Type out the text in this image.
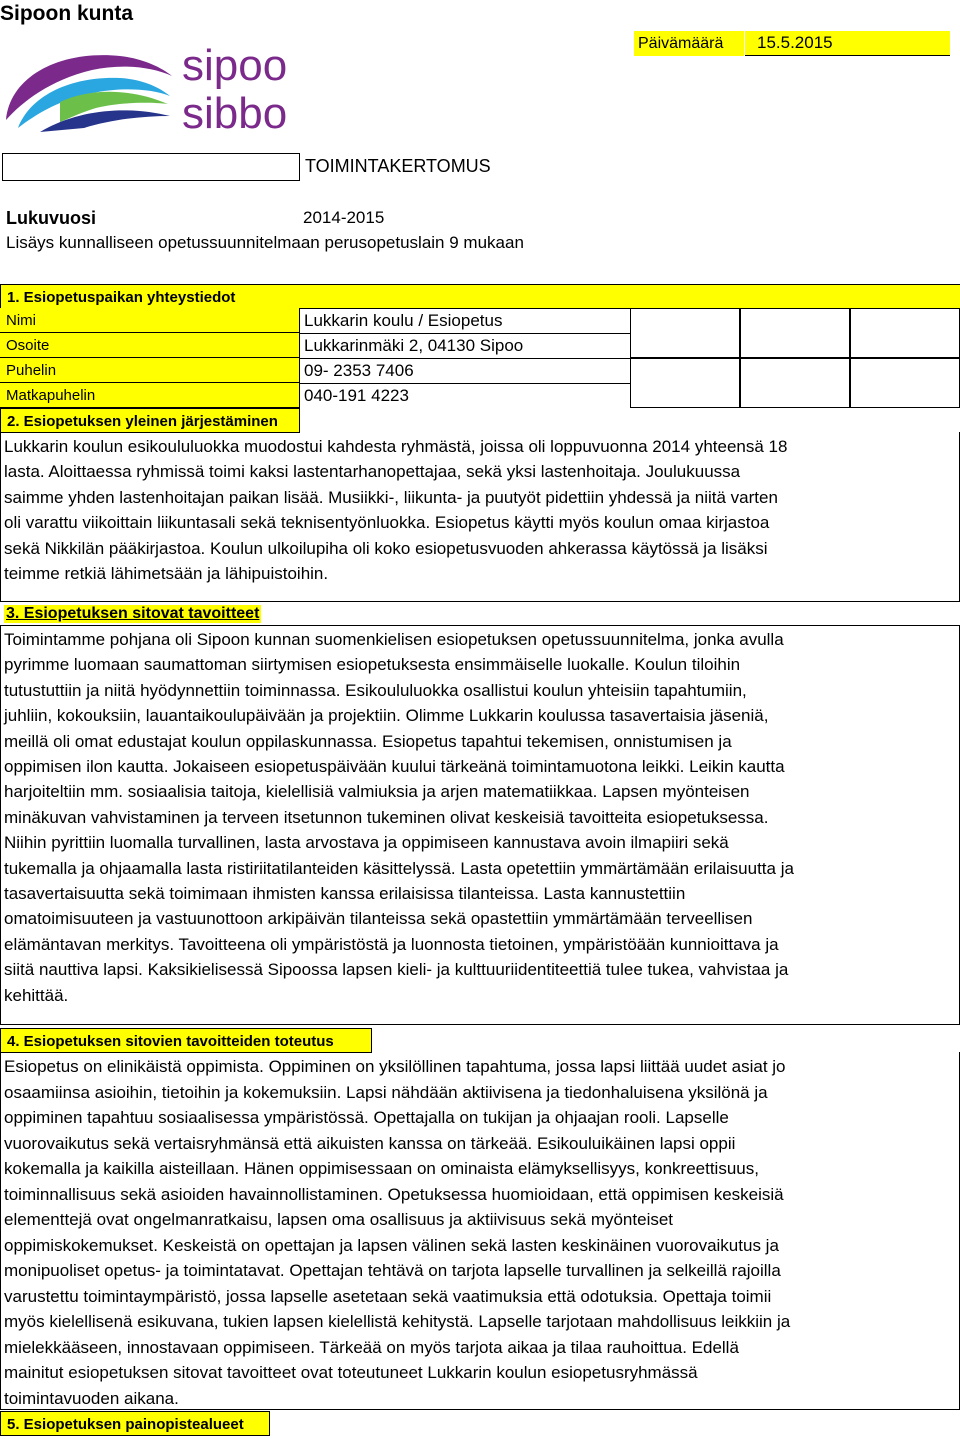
Sipoon kunta
Päivämäärä	15.5.2015
sipoo
sibbo
TOIMINTAKERTOMUS
Lukuvuosi	2014-2015
Lisäys kunnalliseen opetussuunnitelmaan perusopetuslain 9 mukaan
1. Esiopetuspaikan yhteystiedot
Nimi	Lukkarin koulu / Esiopetus
Osoite	Lukkarinmäki 2, 04130 Sipoo
Puhelin	09- 2353 7406
Matkapuhelin	040-191 4223
2. Esiopetuksen yleinen järjestäminen
Lukkarin koulun esikoululuokka muodostui kahdesta ryhmästä, joissa oli loppuvuonna 2014 yhteensä 18
lasta. Aloittaessa ryhmissä toimi kaksi lastentarhanopettajaa, sekä yksi lastenhoitaja. Joulukuussa
saimme yhden lastenhoitajan paikan lisää. Musiikki-, liikunta- ja puutyöt pidettiin yhdessä ja niitä varten
oli varattu viikoittain liikuntasali sekä teknisentyönluokka. Esiopetus käytti myös koulun omaa kirjastoa
sekä Nikkilän pääkirjastoa. Koulun ulkoilupiha oli koko esiopetusvuoden ahkerassa käytössä ja lisäksi
teimme retkiä lähimetsään ja lähipuistoihin.
3. Esiopetuksen sitovat tavoitteet
Toimintamme pohjana oli Sipoon kunnan suomenkielisen esiopetuksen opetussuunnitelma, jonka avulla
pyrimme luomaan saumattoman siirtymisen esiopetuksesta ensimmäiselle luokalle. Koulun tiloihin
tutustuttiin ja niitä hyödynnettiin toiminnassa. Esikoululuokka osallistui koulun yhteisiin tapahtumiin,
juhliin, kokouksiin, lauantaikoulupäivään ja projektiin. Olimme Lukkarin koulussa tasavertaisia jäseniä,
meillä oli omat edustajat koulun oppilaskunnassa. Esiopetus tapahtui tekemisen, onnistumisen ja
oppimisen ilon kautta. Jokaiseen esiopetuspäivään kuului tärkeänä toimintamuotona leikki. Leikin kautta
harjoiteltiin mm. sosiaalisia taitoja, kielellisiä valmiuksia ja arjen matematiikkaa. Lapsen myönteisen
minäkuvan vahvistaminen ja terveen itsetunnon tukeminen olivat keskeisiä tavoitteita esiopetuksessa.
Niihin pyrittiin luomalla turvallinen, lasta arvostava ja oppimiseen kannustava avoin ilmapiiri sekä
tukemalla ja ohjaamalla lasta ristiriitatilanteiden käsittelyssä. Lasta opetettiin ymmärtämään erilaisuutta ja
tasavertaisuutta sekä toimimaan ihmisten kanssa erilaisissa tilanteissa. Lasta kannustettiin
omatoimisuuteen ja vastuunottoon arkipäivän tilanteissa sekä opastettiin ymmärtämään terveellisen
elämäntavan merkitys. Tavoitteena oli ympäristöstä ja luonnosta tietoinen, ympäristöään kunnioittava ja
siitä nauttiva lapsi. Kaksikielisessä Sipoossa lapsen kieli- ja kulttuuriidentiteettiä tulee tukea, vahvistaa ja
kehittää.
4. Esiopetuksen sitovien tavoitteiden toteutus
Esiopetus on elinikäistä oppimista. Oppiminen on yksilöllinen tapahtuma, jossa lapsi liittää uudet asiat jo
osaamiinsa asioihin, tietoihin ja kokemuksiin. Lapsi nähdään aktiivisena ja tiedonhaluisena yksilönä ja
oppiminen tapahtuu sosiaalisessa ympäristössä. Opettajalla on tukijan ja ohjaajan rooli. Lapselle
vuorovaikutus sekä vertaisryhmänsä että aikuisten kanssa on tärkeää. Esikouluikäinen lapsi oppii
kokemalla ja kaikilla aisteillaan. Hänen oppimisessaan on ominaista elämyksellisyys, konkreettisuus,
toiminnallisuus sekä asioiden havainnollistaminen. Opetuksessa huomioidaan, että oppimisen keskeisiä
elementtejä ovat ongelmanratkaisu, lapsen oma osallisuus ja aktiivisuus sekä myönteiset
oppimiskokemukset. Keskeistä on opettajan ja lapsen välinen sekä lasten keskinäinen vuorovaikutus ja
monipuoliset opetus- ja toimintatavat. Opettajan tehtävä on tarjota lapselle turvallinen ja selkeillä rajoilla
varustettu toimintaympäristö, jossa lapselle asetetaan sekä vaatimuksia että odotuksia. Opettaja toimii
myös kielellisenä esikuvana, tukien lapsen kielellistä kehitystä. Lapselle tarjotaan mahdollisuus leikkiin ja
mielekkääseen, innostavaan oppimiseen. Tärkeää on myös tarjota aikaa ja tilaa rauhoittua. Edellä
mainitut esiopetuksen sitovat tavoitteet ovat toteutuneet Lukkarin koulun esiopetusryhmässä
toimintavuoden aikana.
5. Esiopetuksen painopistealueet
